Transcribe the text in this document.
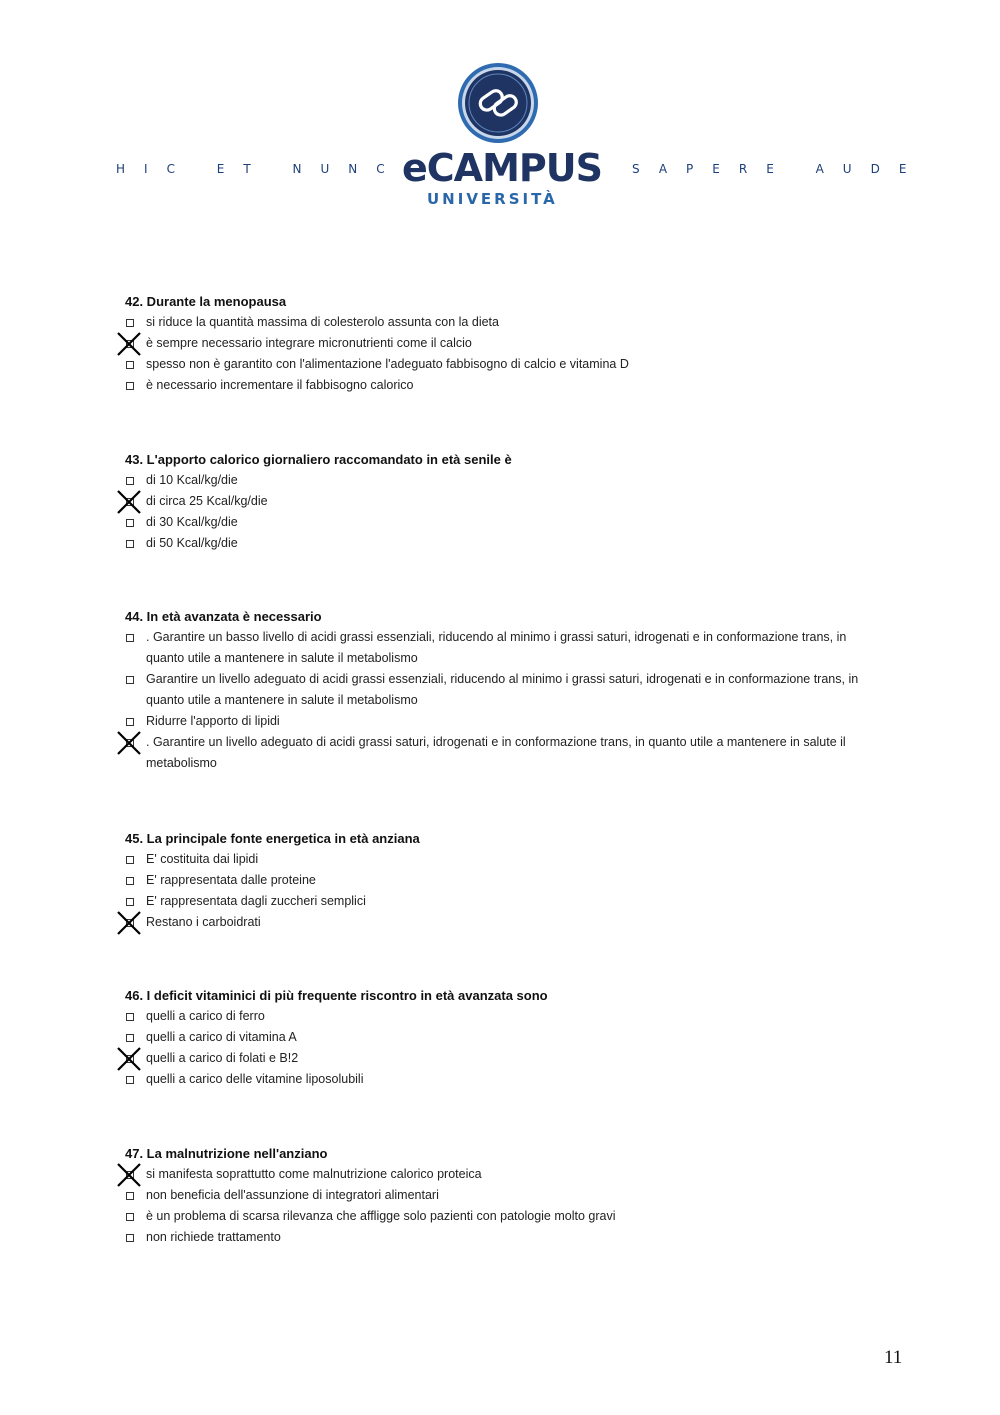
HIC ET NUNC
eCAMPUS
UNIVERSITÀ
SAPERE AUDE
42. Durante la menopausa
si riduce la quantità massima di colesterolo assunta con la dieta
è sempre necessario integrare micronutrienti come il calcio
spesso non è garantito con l'alimentazione l'adeguato fabbisogno di calcio e vitamina D
è necessario incrementare il fabbisogno calorico
43. L'apporto calorico giornaliero raccomandato in età senile è
di 10 Kcal/kg/die
di circa 25 Kcal/kg/die
di 30 Kcal/kg/die
di 50 Kcal/kg/die
44. In età avanzata è necessario
. Garantire un basso livello di acidi grassi essenziali, riducendo al minimo i grassi saturi, idrogenati e in conformazione trans, in quanto utile a mantenere in salute il metabolismo
Garantire un livello adeguato di acidi grassi essenziali, riducendo al minimo i grassi saturi, idrogenati e in conformazione trans, in quanto utile a mantenere in salute il metabolismo
Ridurre l'apporto di lipidi
. Garantire un livello adeguato di acidi grassi saturi, idrogenati e in conformazione trans, in quanto utile a mantenere in salute il metabolismo
45. La principale fonte energetica in età anziana
E' costituita dai lipidi
E' rappresentata dalle proteine
E' rappresentata dagli zuccheri semplici
Restano i carboidrati
46. I deficit vitaminici di più frequente riscontro in età avanzata sono
quelli a carico di ferro
quelli a carico di vitamina A
quelli a carico di folati e B!2
quelli a carico delle vitamine liposolubili
47. La malnutrizione nell'anziano
si manifesta soprattutto come malnutrizione calorico proteica
non beneficia dell'assunzione di integratori alimentari
è un problema di scarsa rilevanza che affligge solo pazienti con patologie molto gravi
non richiede trattamento
11
